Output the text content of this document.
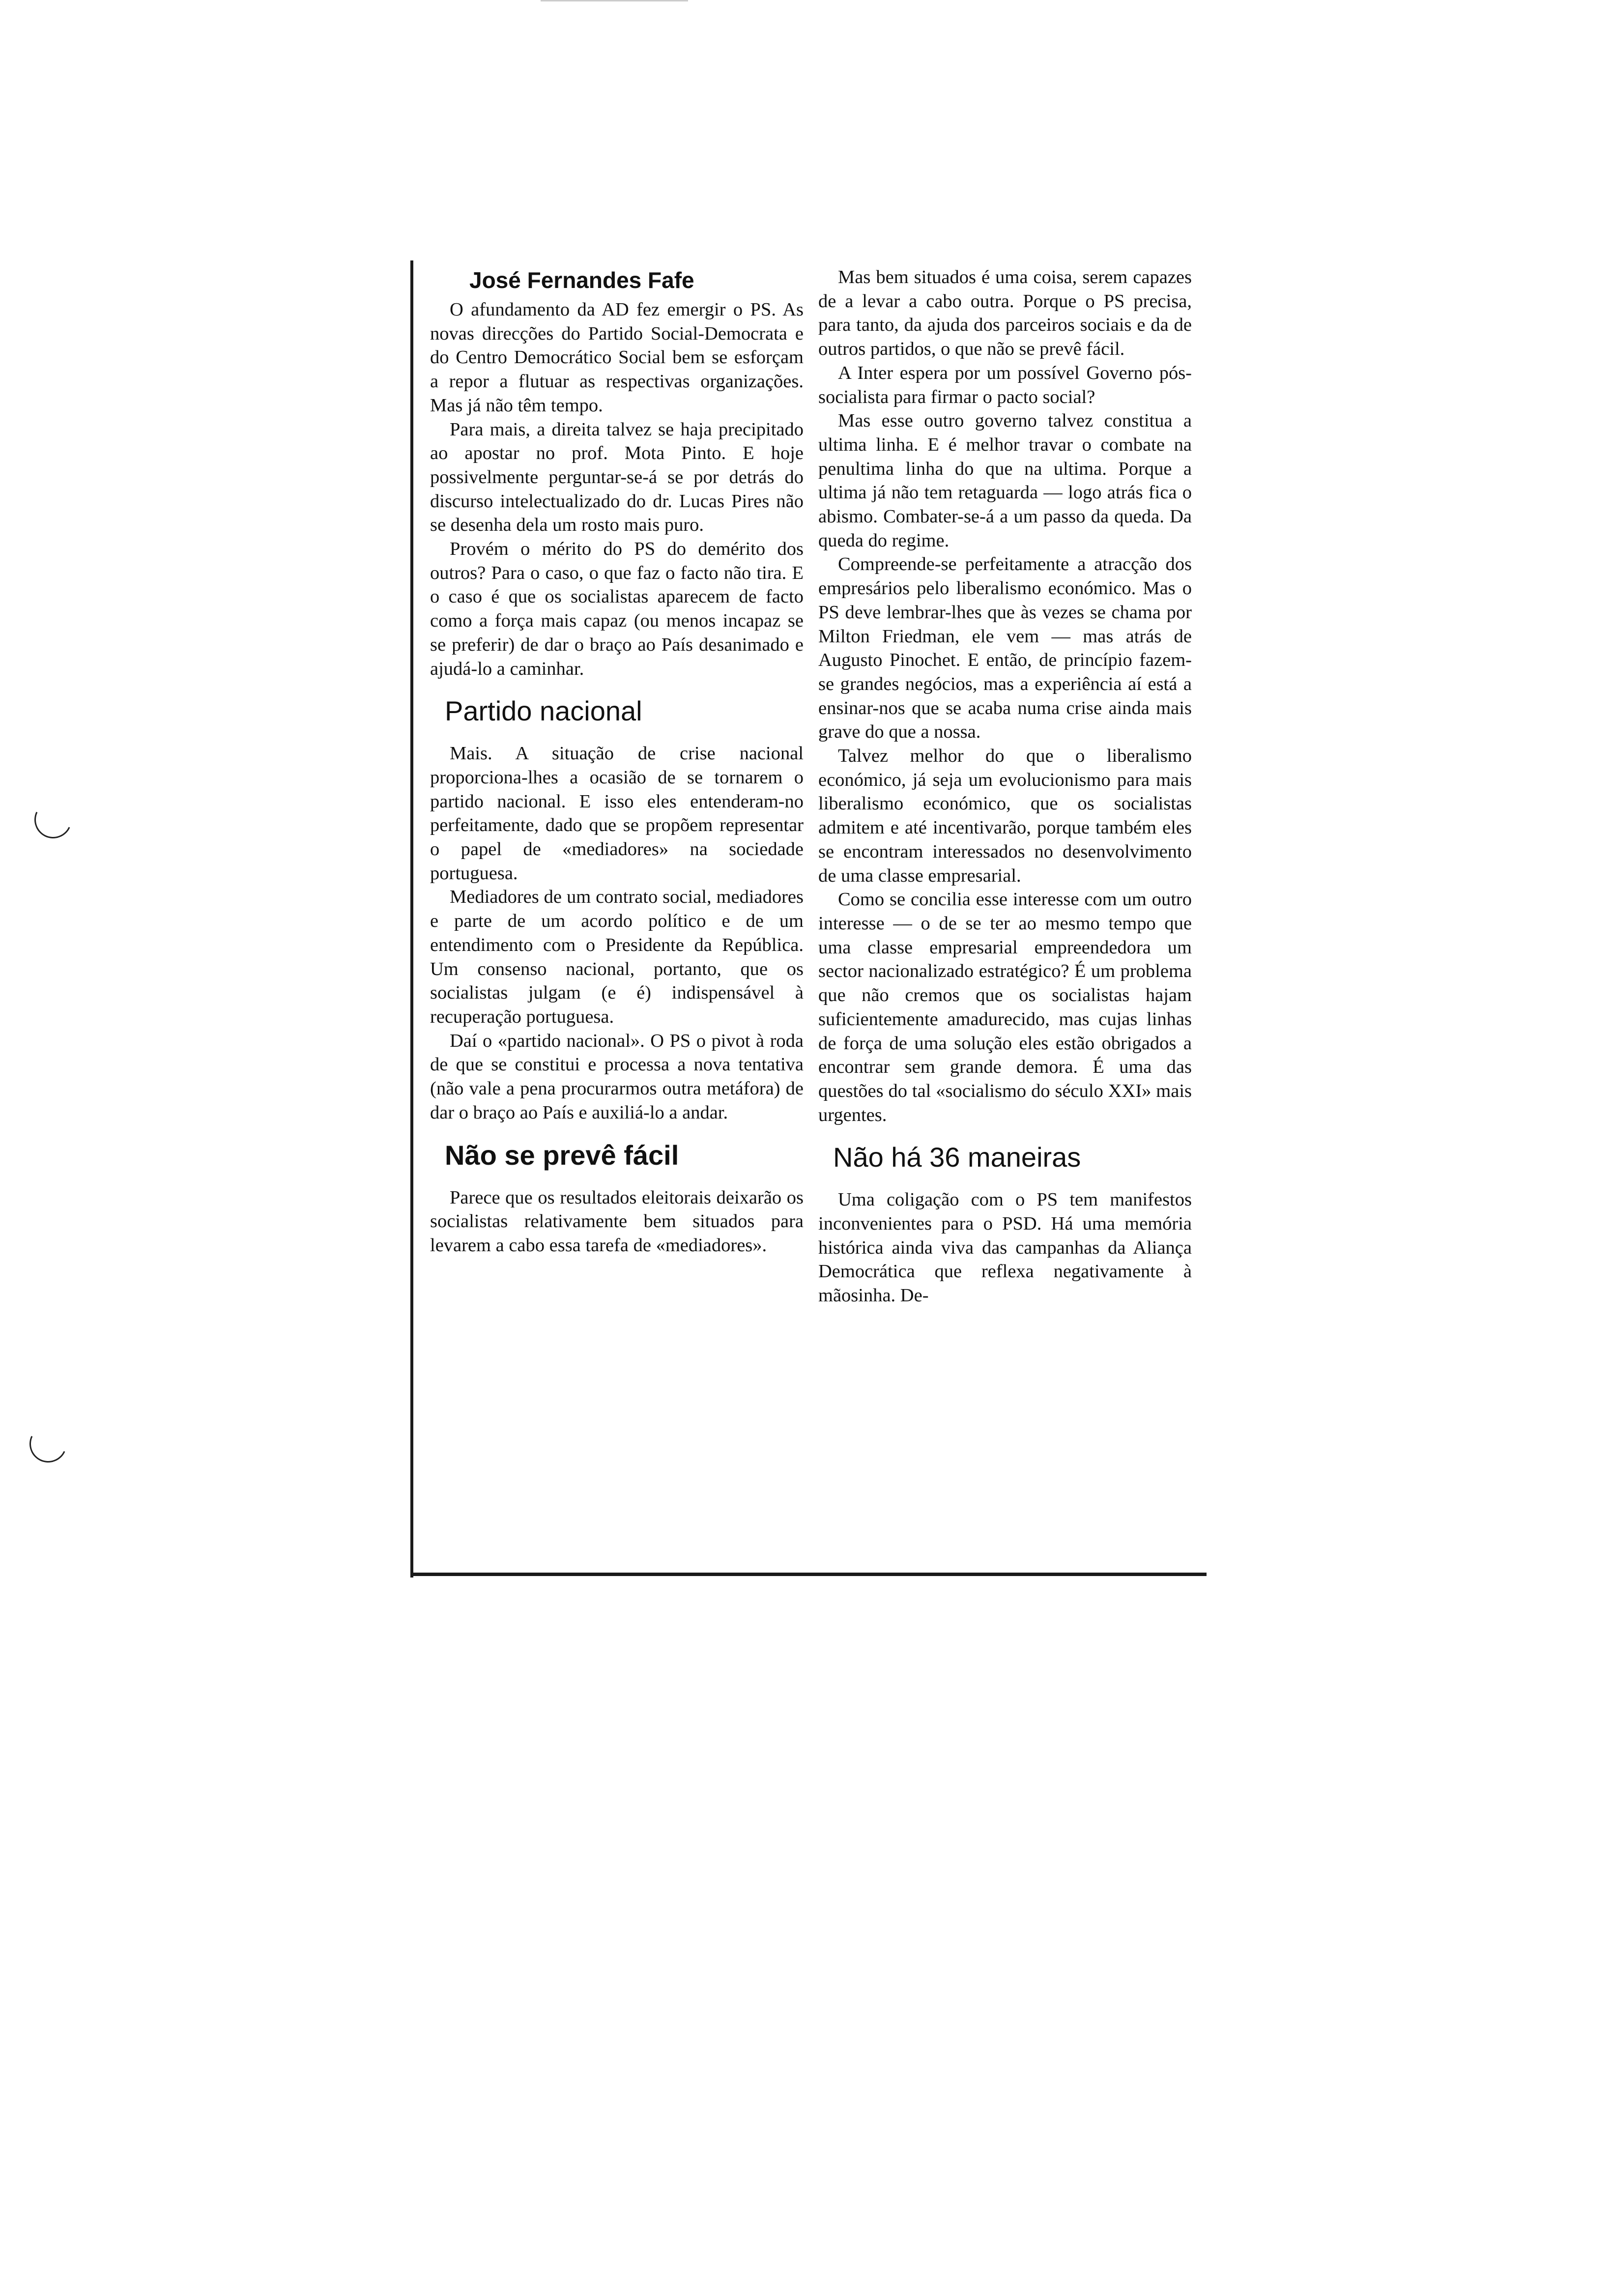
José Fernandes Fafe

O afundamento da AD fez emergir o PS. As novas direcções do Partido Social-Democrata e do Centro Democrático Social bem se esforçam a repor a flutuar as respectivas organizações. Mas já não têm tempo.

Para mais, a direita talvez se haja precipitado ao apostar no prof. Mota Pinto. E hoje possivelmente perguntar-se-á se por detrás do discurso intelectualizado do dr. Lucas Pires não se desenha dela um rosto mais puro.

Provém o mérito do PS do demérito dos outros? Para o caso, o que faz o facto não tira. E o caso é que os socialistas aparecem de facto como a força mais capaz (ou menos incapaz se se preferir) de dar o braço ao País desanimado e ajudá-lo a caminhar.

Partido nacional

Mais. A situação de crise nacional proporciona-lhes a ocasião de se tornarem o partido nacional. E isso eles entenderam-no perfeitamente, dado que se propõem representar o papel de «mediadores» na sociedade portuguesa.

Mediadores de um contrato social, mediadores e parte de um acordo político e de um entendimento com o Presidente da República. Um consenso nacional, portanto, que os socialistas julgam (e é) indispensável à recuperação portuguesa.

Daí o «partido nacional». O PS o pivot à roda de que se constitui e processa a nova tentativa (não vale a pena procurarmos outra metáfora) de dar o braço ao País e auxiliá-lo a andar.

Não se prevê fácil

Parece que os resultados eleitorais deixarão os socialistas relativamente bem situados para levarem a cabo essa tarefa de «mediadores».

Mas bem situados é uma coisa, serem capazes de a levar a cabo outra. Porque o PS precisa, para tanto, da ajuda dos parceiros sociais e da de outros partidos, o que não se prevê fácil.

A Inter espera por um possível Governo pós-socialista para firmar o pacto social?

Mas esse outro governo talvez constitua a ultima linha. E é melhor travar o combate na penultima linha do que na ultima. Porque a ultima já não tem retaguarda — logo atrás fica o abismo. Combater-se-á a um passo da queda. Da queda do regime.

Compreende-se perfeitamente a atracção dos empresários pelo liberalismo económico. Mas o PS deve lembrar-lhes que às vezes se chama por Milton Friedman, ele vem — mas atrás de Augusto Pinochet. E então, de princípio fazem-se grandes negócios, mas a experiência aí está a ensinar-nos que se acaba numa crise ainda mais grave do que a nossa.

Talvez melhor do que o liberalismo económico, já seja um evolucionismo para mais liberalismo económico, que os socialistas admitem e até incentivarão, porque também eles se encontram interessados no desenvolvimento de uma classe empresarial.

Como se concilia esse interesse com um outro interesse — o de se ter ao mesmo tempo que uma classe empresarial empreendedora um sector nacionalizado estratégico? É um problema que não cremos que os socialistas hajam suficientemente amadurecido, mas cujas linhas de força de uma solução eles estão obrigados a encontrar sem grande demora. É uma das questões do tal «socialismo do século XXI» mais urgentes.

Não há 36 maneiras

Uma coligação com o PS tem manifestos inconvenientes para o PSD. Há uma memória histórica ainda viva das campanhas da Aliança Democrática que reflexa negativamente à mãosinha. De-
